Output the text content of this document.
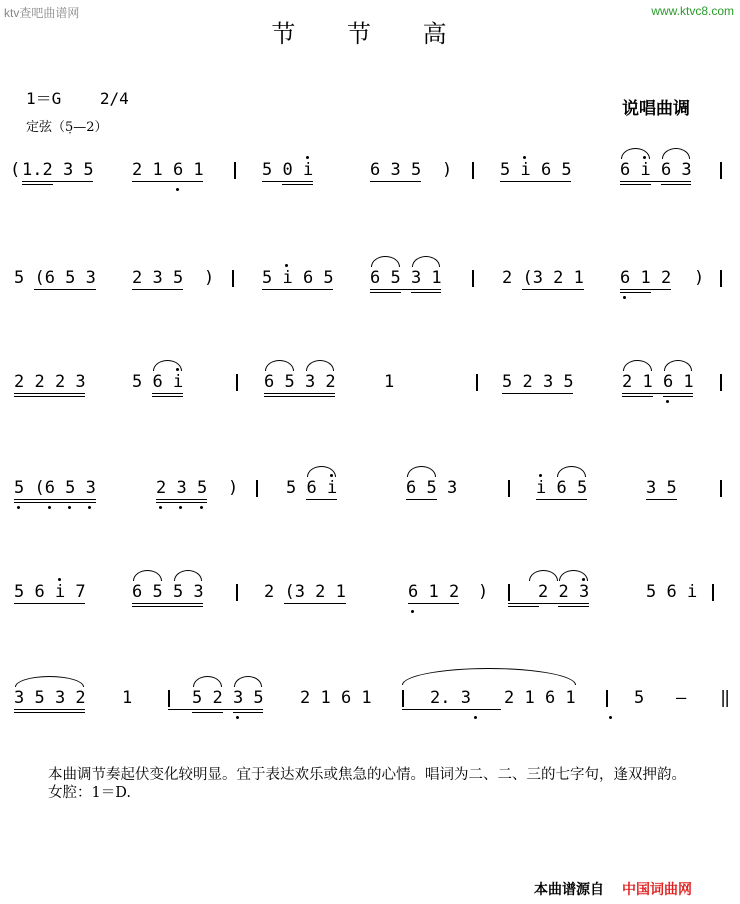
ktv查吧曲谱网	www.ktvc8.com
节 节 高
1＝G 2/4
定弦（5̣—2）
说唱曲调
( 1.2 3 5 2 1 6 1	5 0 i	6 3 5 )	5 i 6 5	6 i 6 3
5 (6 5 3 2 3 5 )	5 i 6 5 6 5 3 1	2 (3 2 1 6 1 2 )
2 2 2 3	5 6 i	6 5 3 2	1	5 2 3 5	2 1 6 1
5 (6 5 3	2 3 5 )	5 6 i	6 5 3	i 6 5	3 5
5 6 i 7	6 5 5 3	2 (3 2 1	6 1 2 )	2 2 3	5 6 i
3 5 3 2 1	5 2 3 5 2 1 6 1	2. 3 2 1 6 1	5 — ‖

本曲调节奏起伏变化较明显。宜于表达欢乐或焦急的心情。唱词为二、二、三的七字句，逢双押韵。

女腔：1＝D.

本曲谱源自 中国词曲网
